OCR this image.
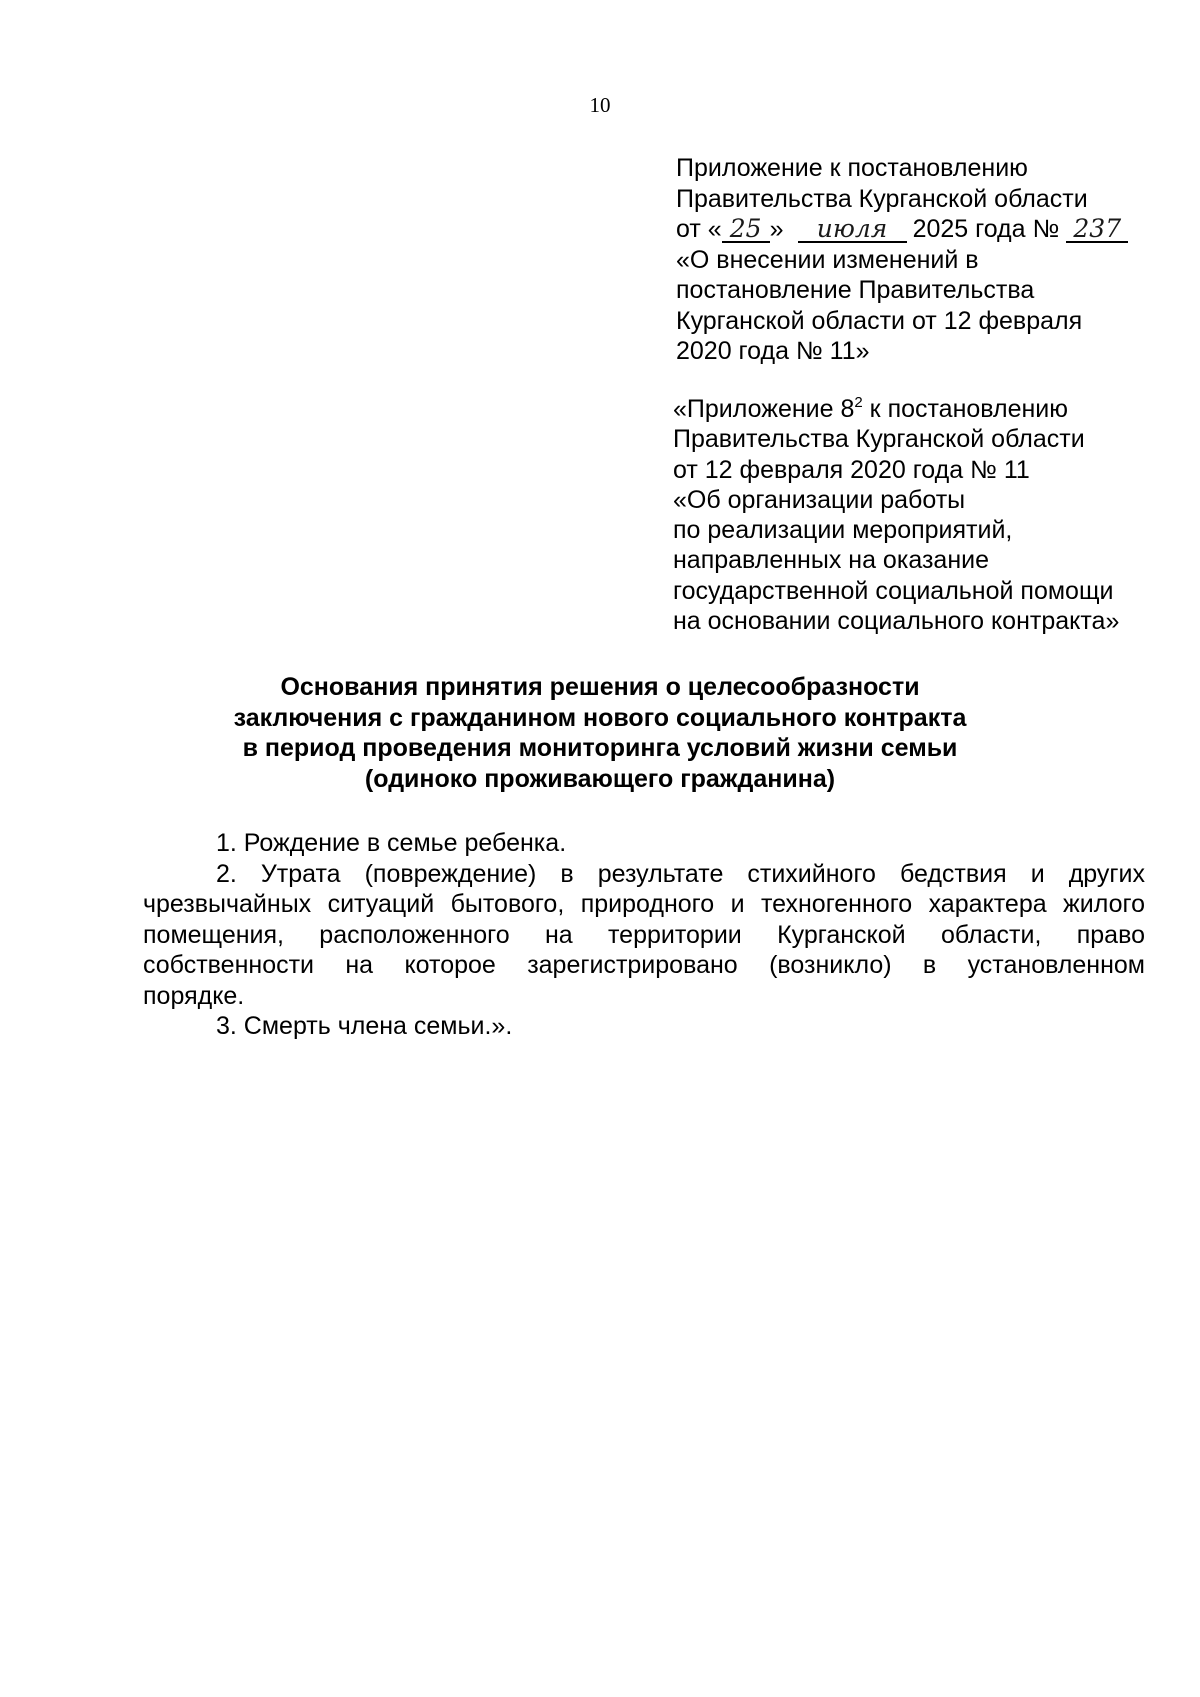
10
Приложение к постановлению
Правительства Курганской области
от « 25 » июля 2025 года № 237
«О внесении изменений в
постановление Правительства
Курганской области от 12 февраля
2020 года № 11»
«Приложение $8^2$ к постановлению
Правительства Курганской области
от 12 февраля 2020 года № 11
«Об организации работы
по реализации мероприятий,
направленных на оказание
государственной социальной помощи
на основании социального контракта»
Основания принятия решения о целесообразности
заключения с гражданином нового социального контракта
в период проведения мониторинга условий жизни семьи
(одиноко проживающего гражданина)
1. Рождение в семье ребенка.
2. Утрата (повреждение) в результате стихийного бедствия и других
чрезвычайных ситуаций бытового, природного и техногенного характера жилого
помещения, расположенного на территории Курганской области, право
собственности на которое зарегистрировано (возникло) в установленном
порядке.
3. Смерть члена семьи.».
